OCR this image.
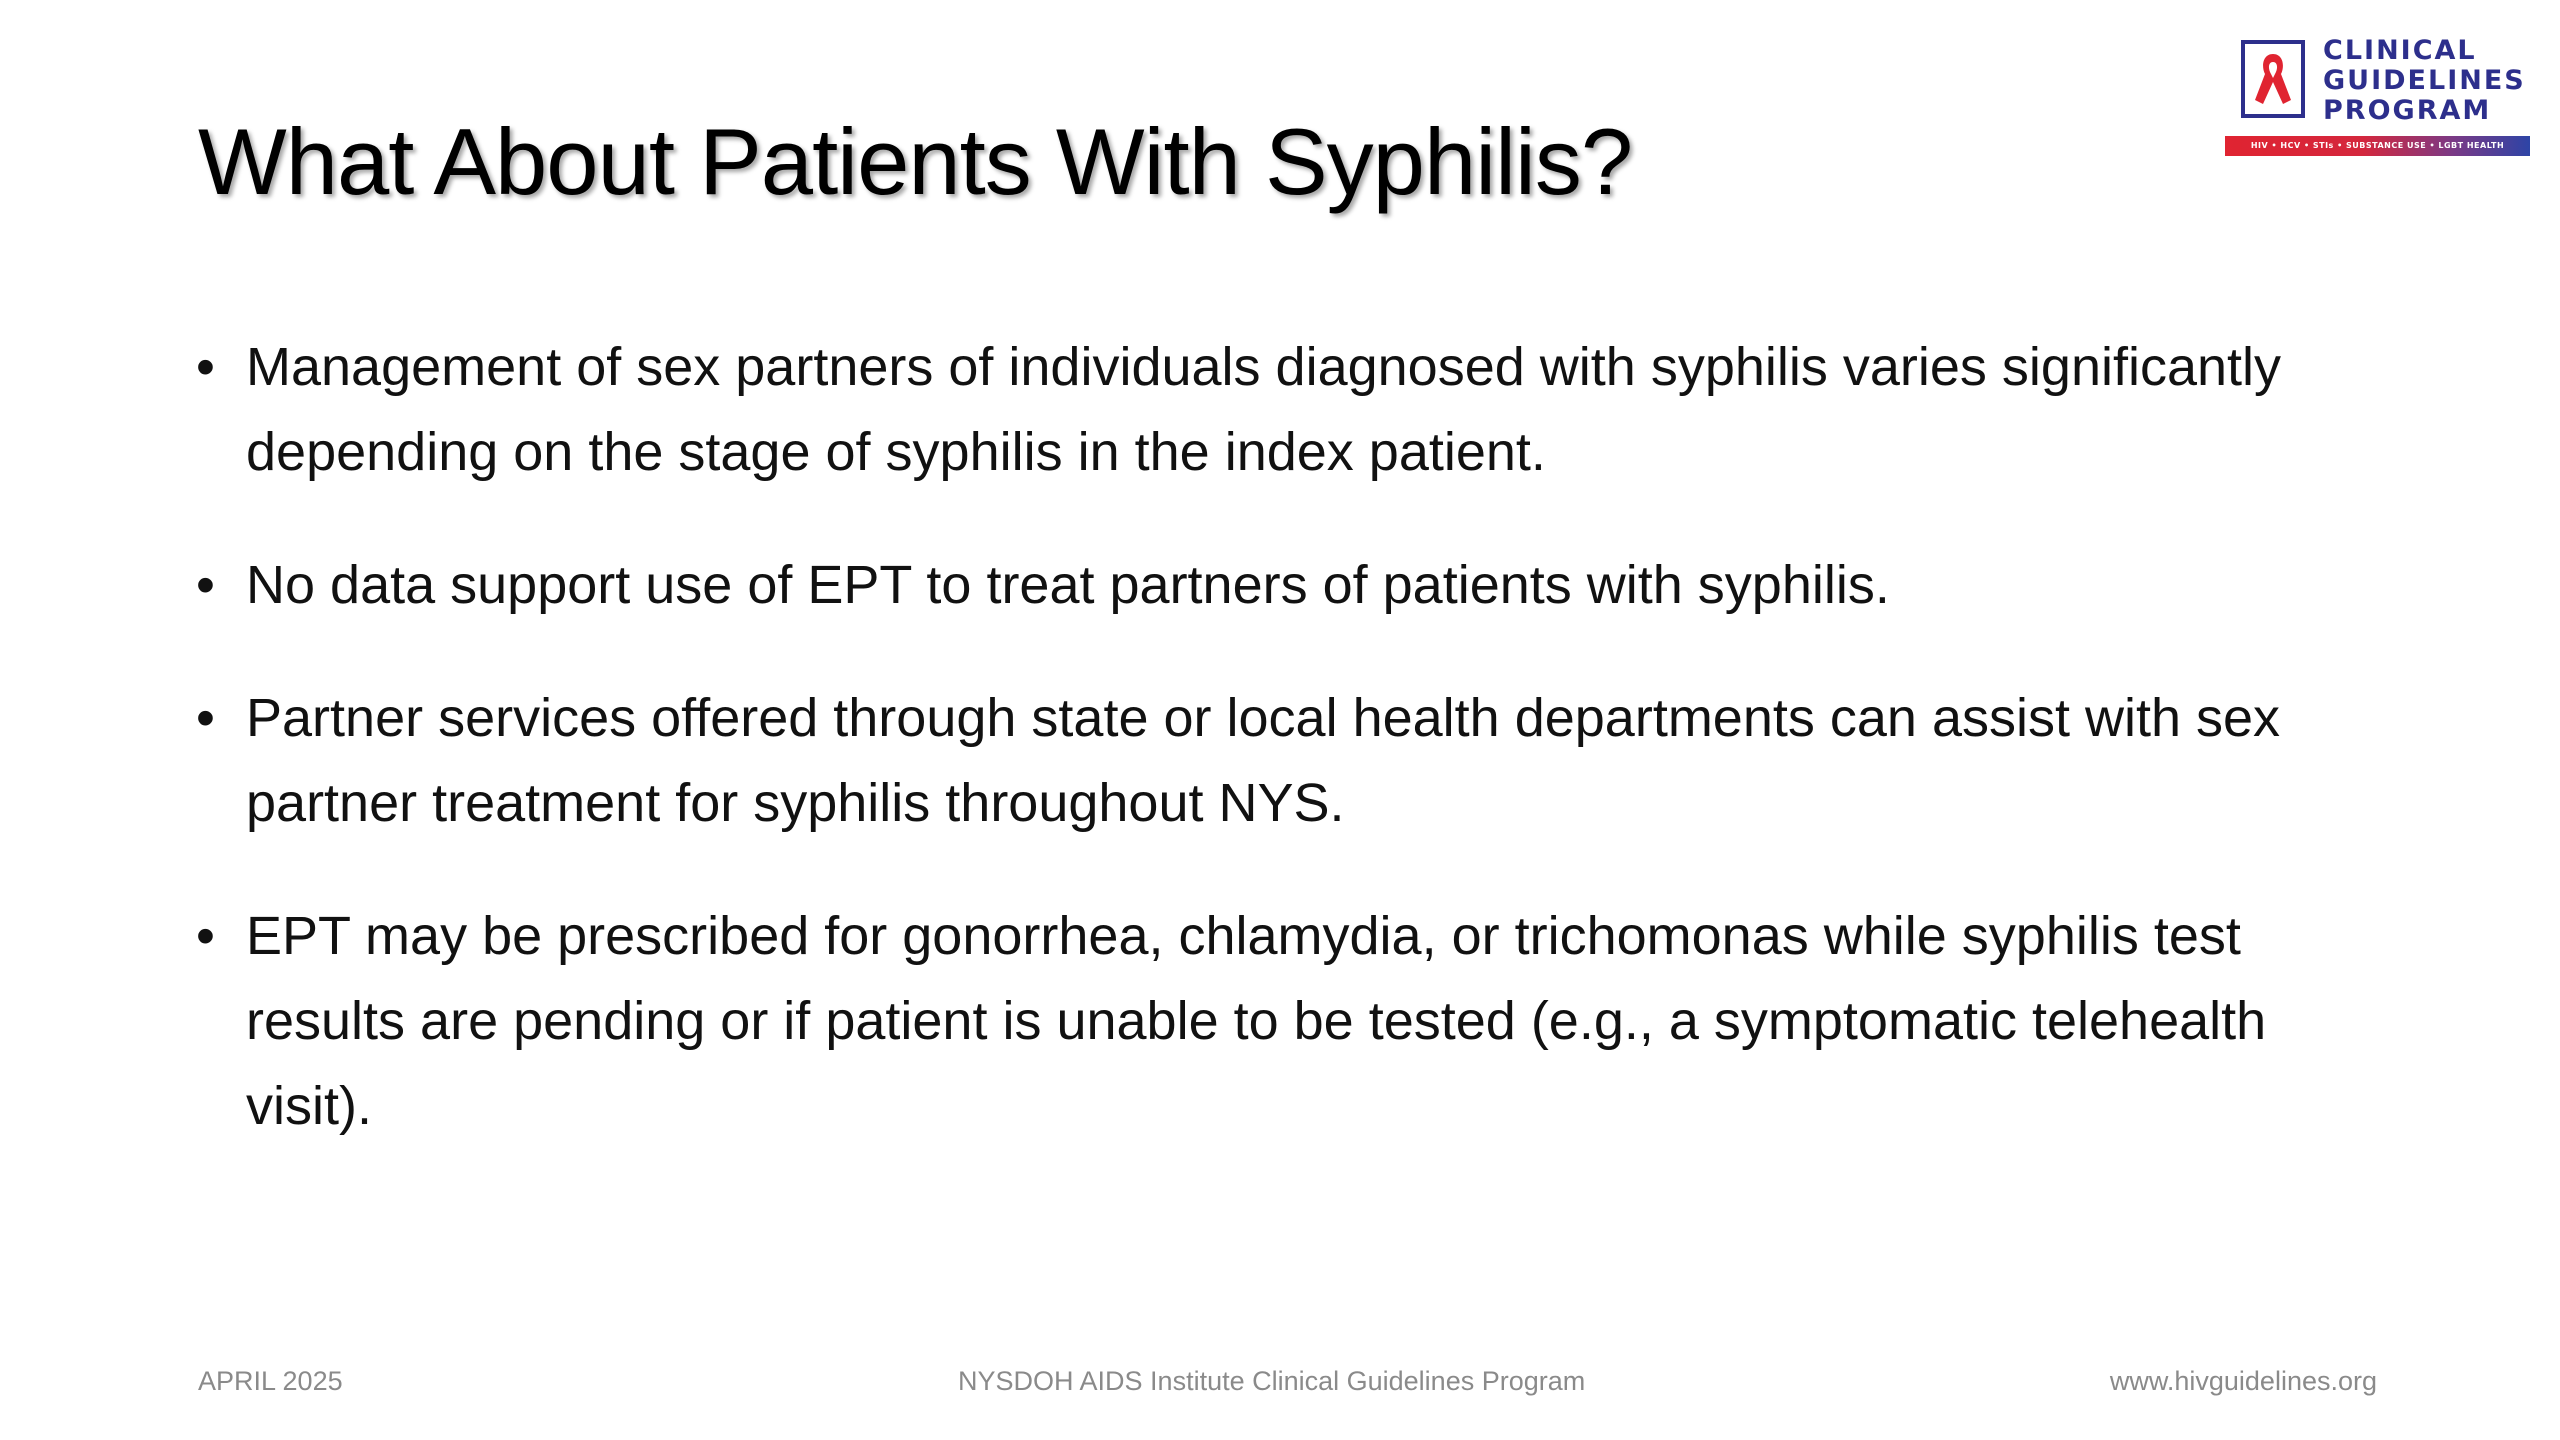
What About Patients With Syphilis?
CLINICAL
GUIDELINES
PROGRAM
HIV • HCV • STIs • SUBSTANCE USE • LGBT HEALTH
• Management of sex partners of individuals diagnosed with syphilis varies significantly depending on the stage of syphilis in the index patient.
• No data support use of EPT to treat partners of patients with syphilis.
• Partner services offered through state or local health departments can assist with sex partner treatment for syphilis throughout NYS.
• EPT may be prescribed for gonorrhea, chlamydia, or trichomonas while syphilis test results are pending or if patient is unable to be tested (e.g., a symptomatic telehealth visit).
APRIL 2025	NYSDOH AIDS Institute Clinical Guidelines Program	www.hivguidelines.org
